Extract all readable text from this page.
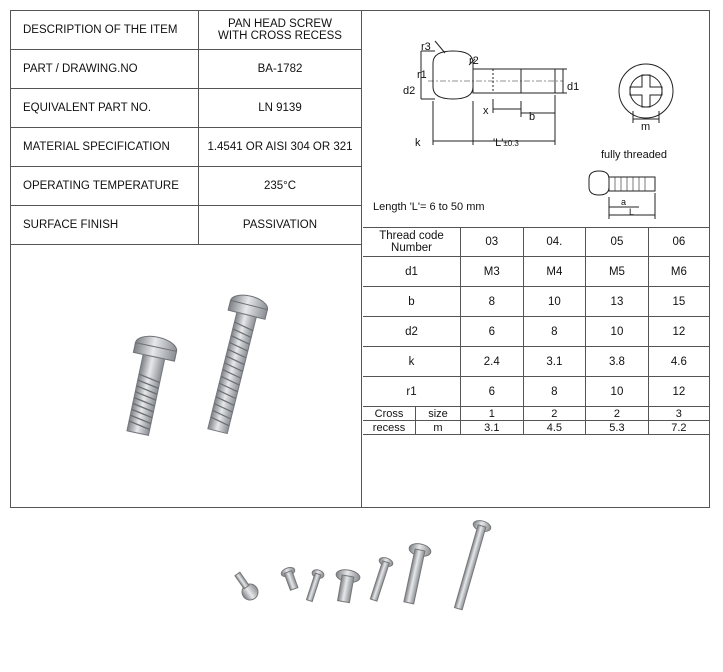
DESCRIPTION OF THE ITEM	PAN HEAD SCREW
WITH CROSS RECESS

PART / DRAWING.NO	BA-1782
EQUIVALENT PART NO.	LN 9139
MATERIAL SPECIFICATION	1.4541 OR AISI 304 OR 321
OPERATING TEMPERATURE	235°C
SURFACE FINISH	PASSIVATION
r3
r2
r1
d2	d1
x	b
k	'L'±0.3
m
fully threaded
a
L
Length 'L'= 6 to 50 mm
Thread code
Number		03	04.	05	06
d1		M3	M4	M5	M6
b		8	10	13	15
d2		6	8	10	12
k		2.4	3.1	3.8	4.6
r1		6	8	10	12
Cross	size	1	2	2	3
recess	m	3.1	4.5	5.3	7.2
